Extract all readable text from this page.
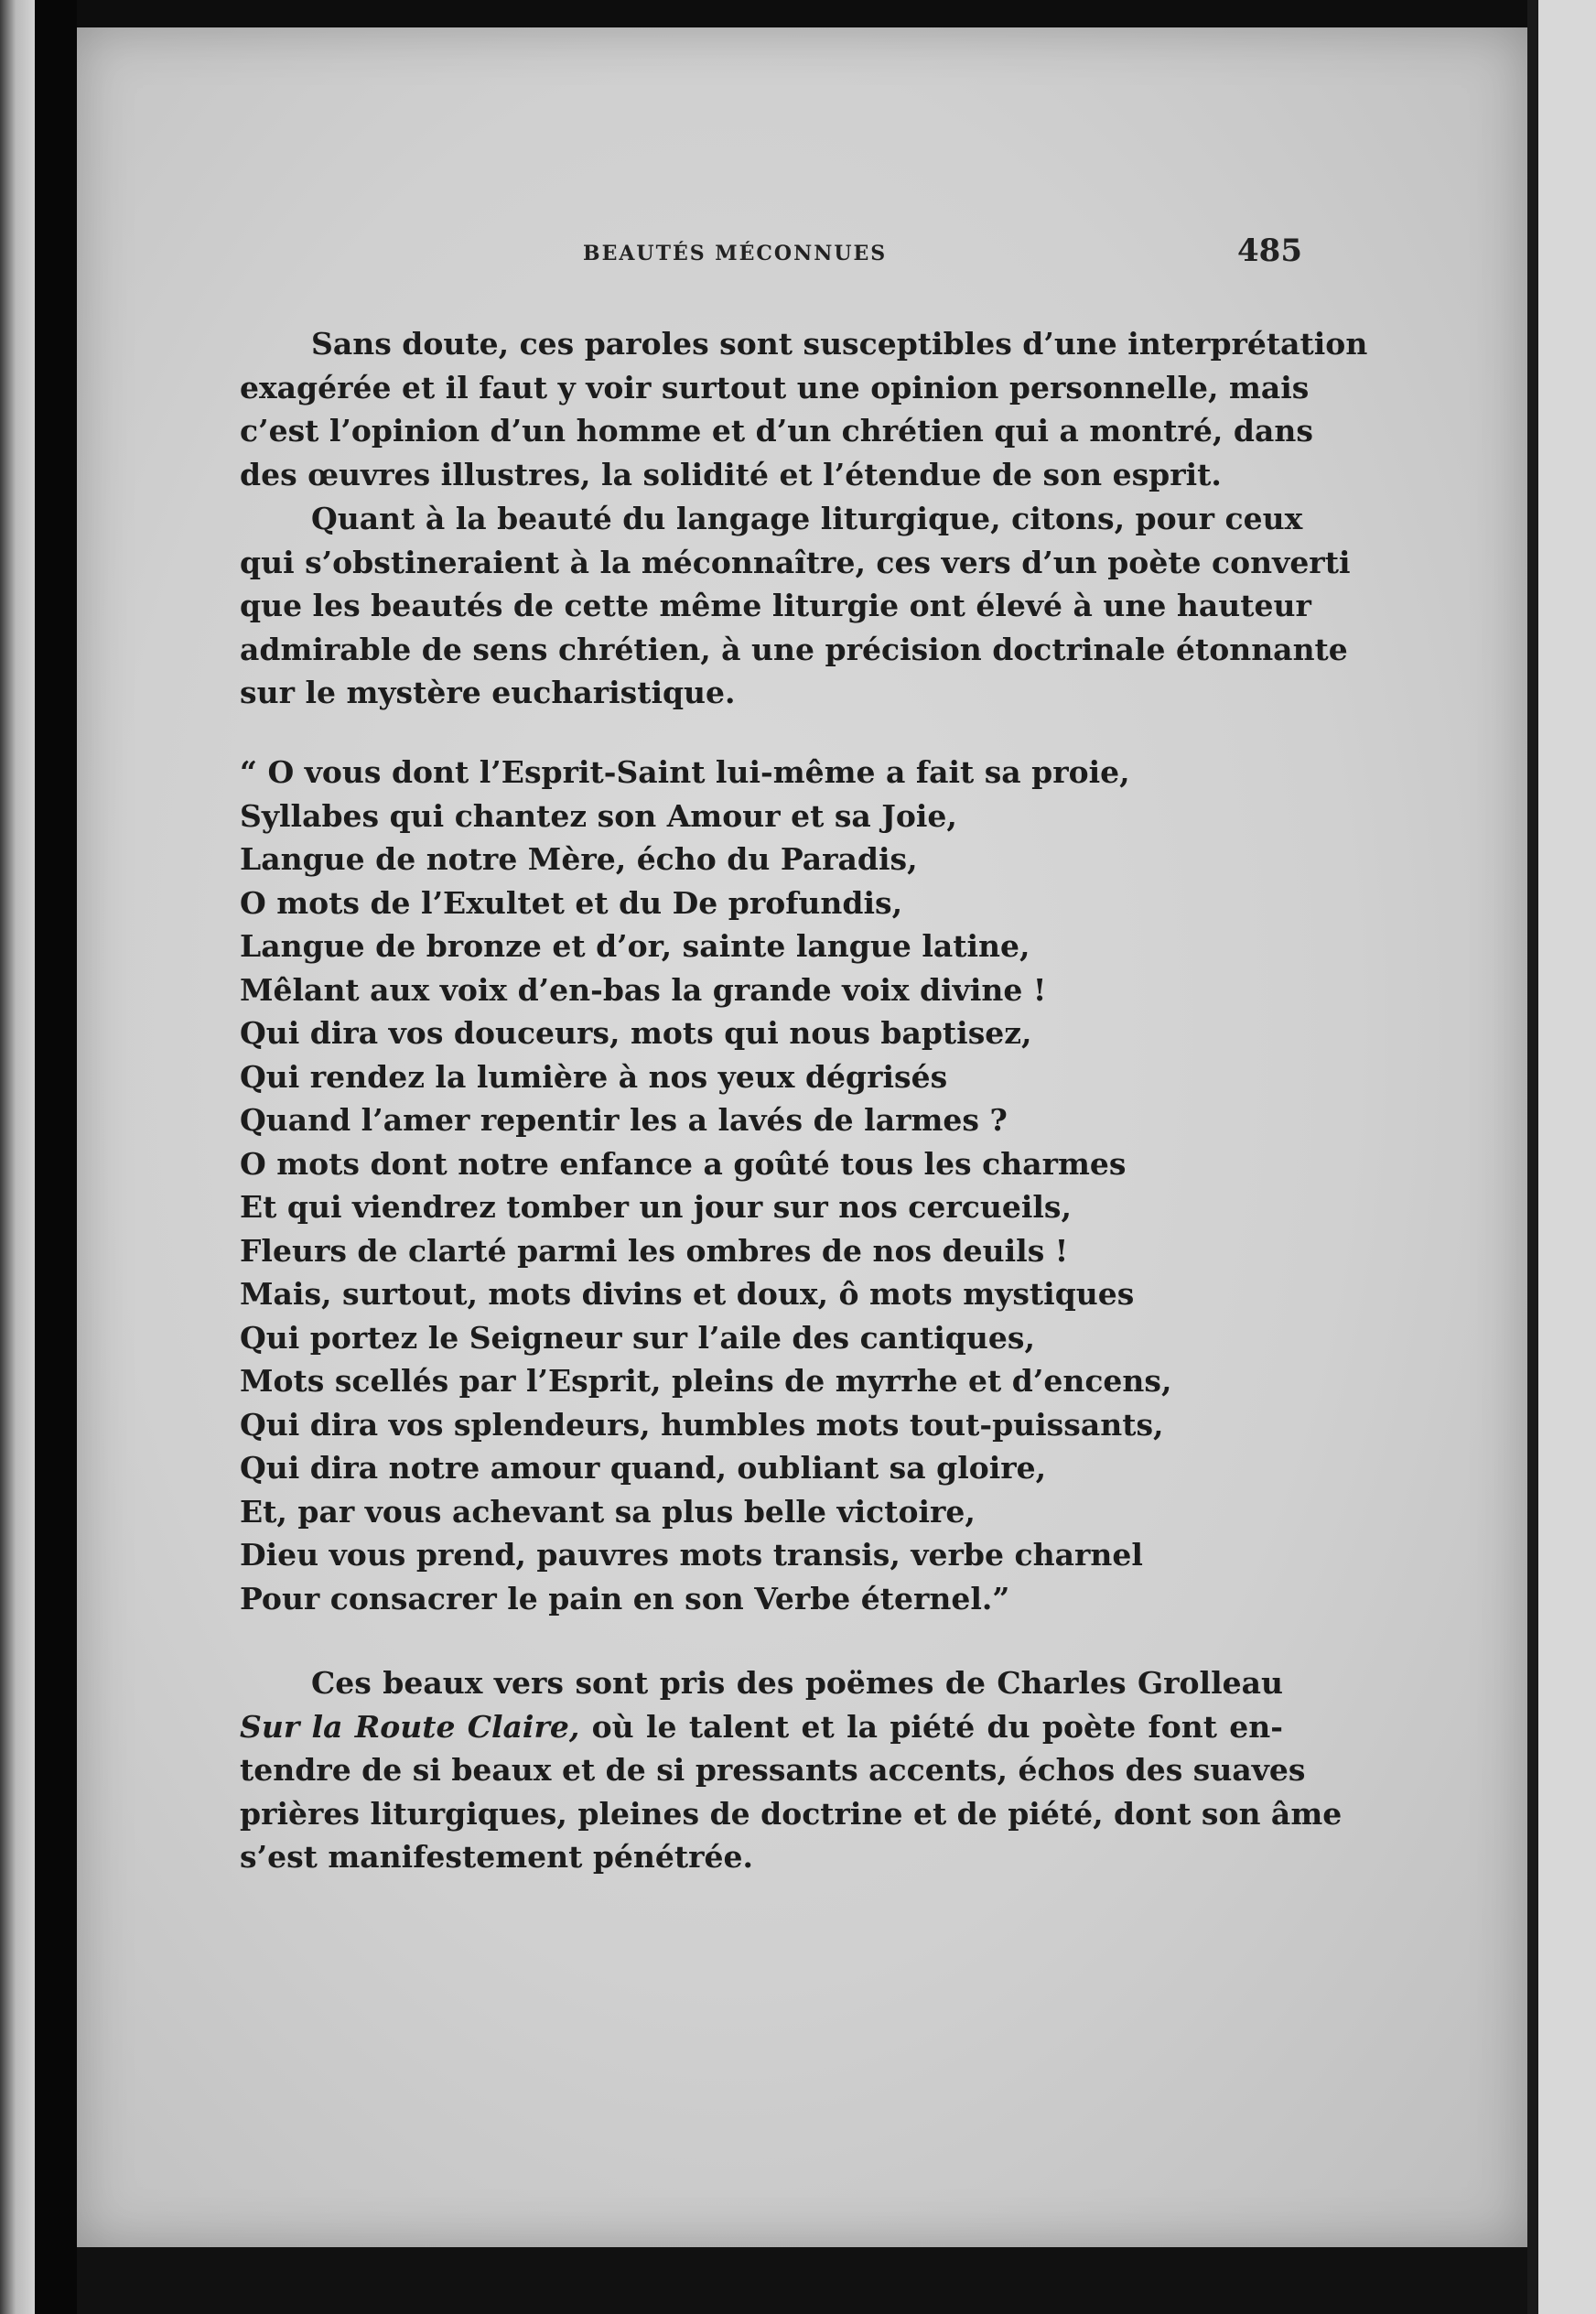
BEAUTÉS MÉCONNUES	485
Sans doute, ces paroles sont susceptibles d’une interprétation
exagérée et il faut y voir surtout une opinion personnelle, mais
c’est l’opinion d’un homme et d’un chrétien qui a montré, dans
des œuvres illustres, la solidité et l’étendue de son esprit.
Quant à la beauté du langage liturgique, citons, pour ceux
qui s’obstineraient à la méconnaître, ces vers d’un poète converti
que les beautés de cette même liturgie ont élevé à une hauteur
admirable de sens chrétien, à une précision doctrinale étonnante
sur le mystère eucharistique.
“ O vous dont l’Esprit-Saint lui-même a fait sa proie,
Syllabes qui chantez son Amour et sa Joie,
Langue de notre Mère, écho du Paradis,
O mots de l’Exultet et du De profundis,
Langue de bronze et d’or, sainte langue latine,
Mêlant aux voix d’en-bas la grande voix divine !
Qui dira vos douceurs, mots qui nous baptisez,
Qui rendez la lumière à nos yeux dégrisés
Quand l’amer repentir les a lavés de larmes ?
O mots dont notre enfance a goûté tous les charmes
Et qui viendrez tomber un jour sur nos cercueils,
Fleurs de clarté parmi les ombres de nos deuils !
Mais, surtout, mots divins et doux, ô mots mystiques
Qui portez le Seigneur sur l’aile des cantiques,
Mots scellés par l’Esprit, pleins de myrrhe et d’encens,
Qui dira vos splendeurs, humbles mots tout-puissants,
Qui dira notre amour quand, oubliant sa gloire,
Et, par vous achevant sa plus belle victoire,
Dieu vous prend, pauvres mots transis, verbe charnel
Pour consacrer le pain en son Verbe éternel.”
Ces beaux vers sont pris des poëmes de Charles Grolleau
Sur la Route Claire, où le talent et la piété du poète font en-
tendre de si beaux et de si pressants accents, échos des suaves
prières liturgiques, pleines de doctrine et de piété, dont son âme
s’est manifestement pénétrée.
